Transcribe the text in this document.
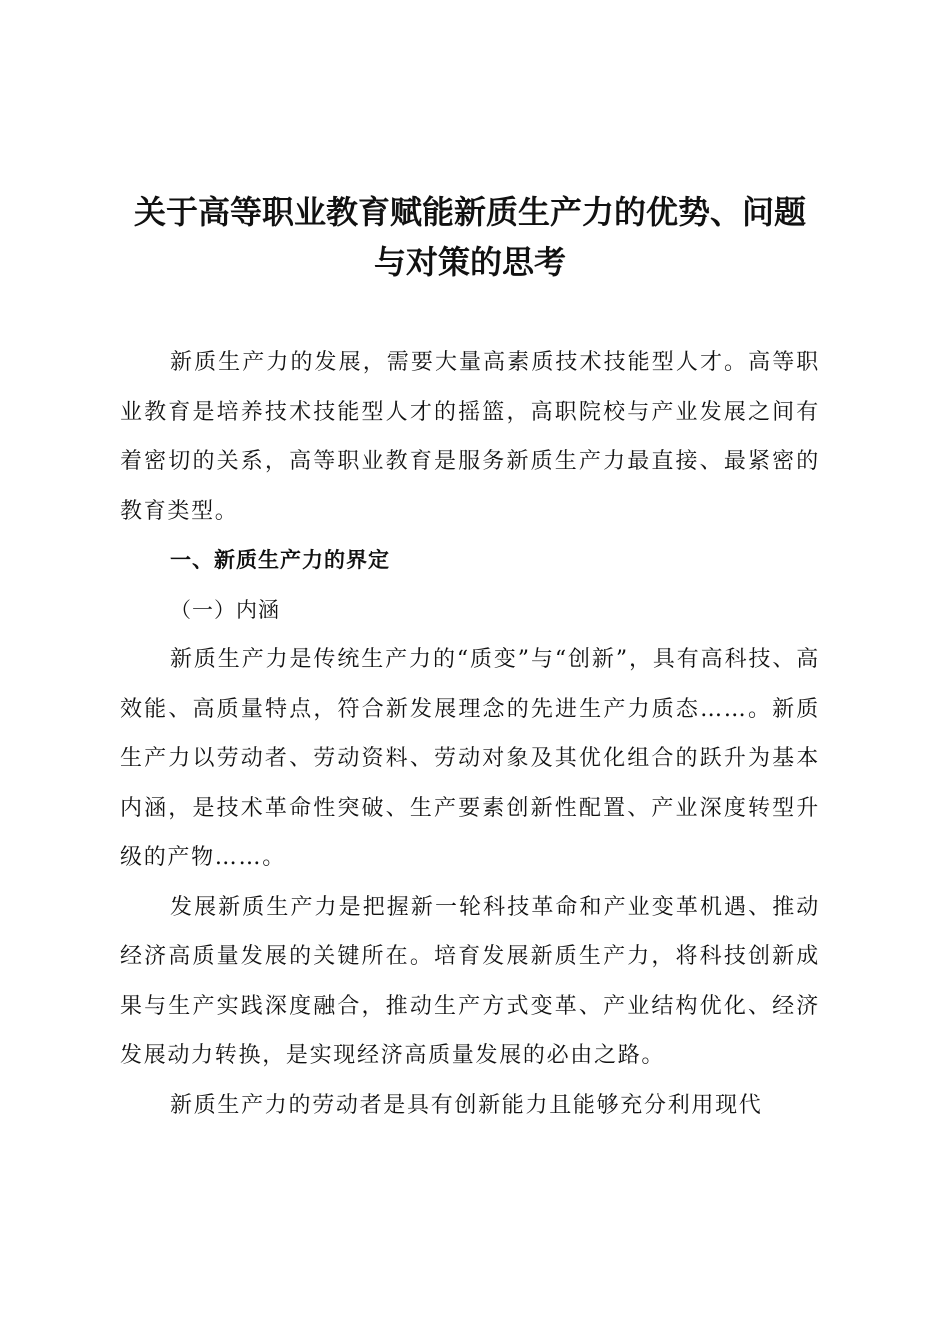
关于高等职业教育赋能新质生产力的优势、问题与对策的思考

新质生产力的发展，需要大量高素质技术技能型人才。高等职业教育是培养技术技能型人才的摇篮，高职院校与产业发展之间有着密切的关系，高等职业教育是服务新质生产力最直接、最紧密的教育类型。

一、新质生产力的界定

（一）内涵

新质生产力是传统生产力的“质变”与“创新”，具有高科技、高效能、高质量特点，符合新发展理念的先进生产力质态……。新质生产力以劳动者、劳动资料、劳动对象及其优化组合的跃升为基本内涵，是技术革命性突破、生产要素创新性配置、产业深度转型升级的产物……。

发展新质生产力是把握新一轮科技革命和产业变革机遇、推动经济高质量发展的关键所在。培育发展新质生产力，将科技创新成果与生产实践深度融合，推动生产方式变革、产业结构优化、经济发展动力转换，是实现经济高质量发展的必由之路。

新质生产力的劳动者是具有创新能力且能够充分利用现代
